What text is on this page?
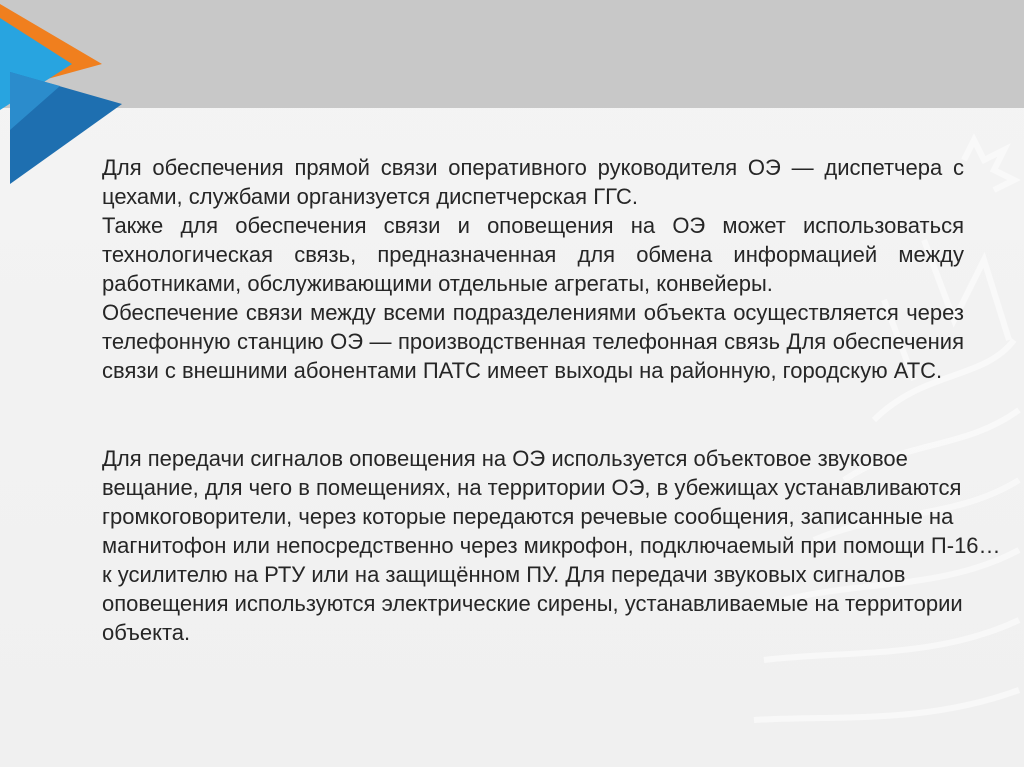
Для обеспечения прямой связи оперативного руководителя ОЭ — диспетчера с цехами, службами организуется диспетчерская ГГС.

Также для обеспечения связи и оповещения на ОЭ может использоваться технологическая связь, предназначенная для обмена информацией между работниками, обслуживающими отдельные агрегаты, конвейеры.

Обеспечение связи между всеми подразделениями объекта осуществляется через телефонную станцию ОЭ — производственная телефонная связь Для обеспечения связи с внешними абонентами ПАТС имеет выходы на районную, городскую АТС.

Для передачи сигналов оповещения на ОЭ используется объектовое звуковое вещание, для чего в помещениях, на территории ОЭ, в убежищах устанавливаются громкоговорители, через которые передаются речевые сообщения, записанные на магнитофон или непосредственно через микрофон, подключаемый при помощи П-16… к усилителю на РТУ или на защищённом ПУ. Для передачи звуковых сигналов оповещения используются электрические сирены, устанавливаемые на территории объекта.
